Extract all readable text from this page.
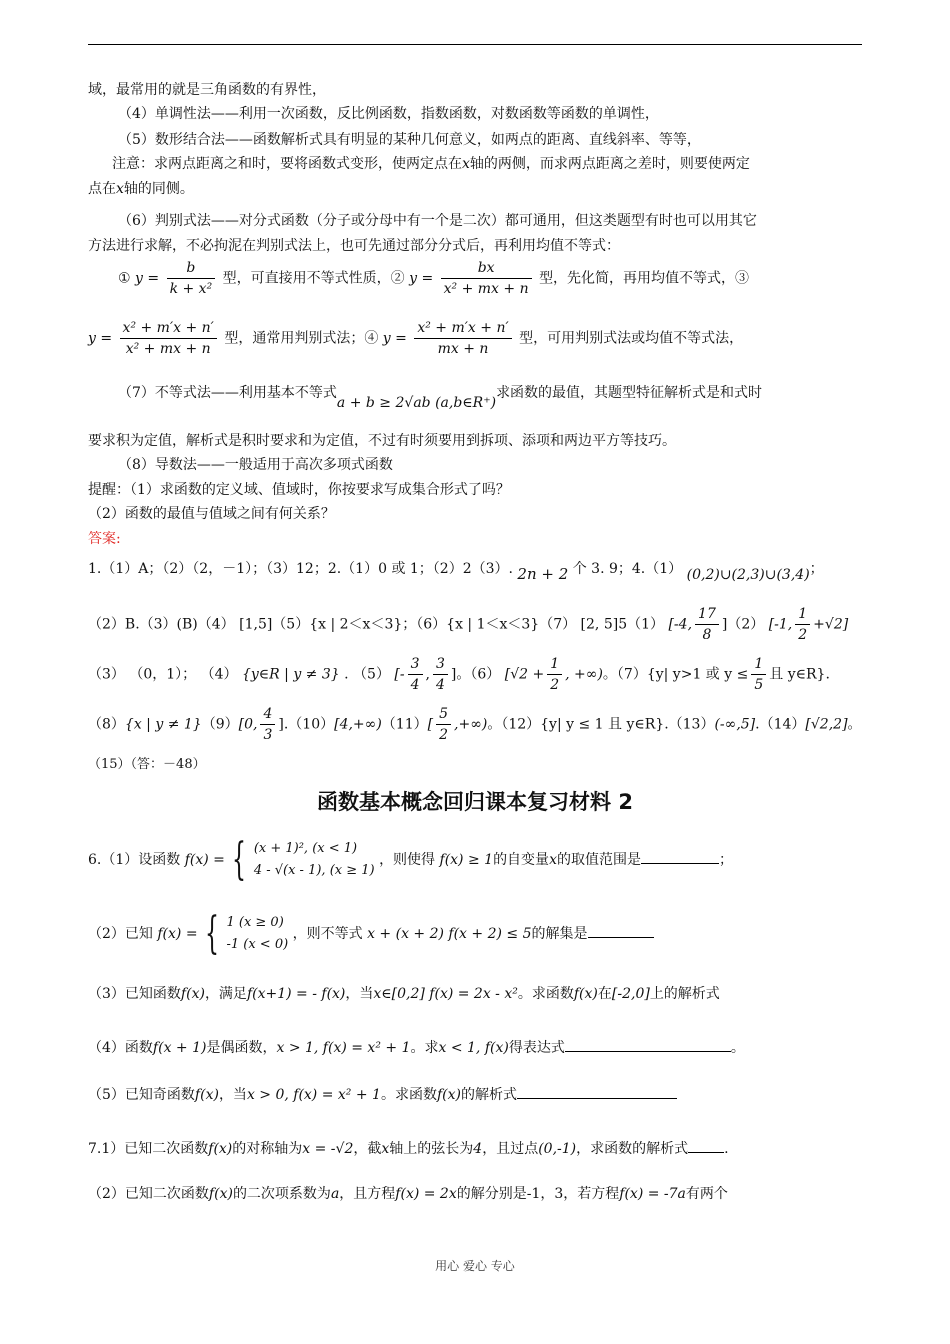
域，最常用的就是三角函数的有界性，
（4）单调性法——利用一次函数，反比例函数，指数函数，对数函数等函数的单调性，
（5）数形结合法——函数解析式具有明显的某种几何意义，如两点的距离、直线斜率、等等，
注意：求两点距离之和时，要将函数式变形，使两定点在x轴的两侧，而求两点距离之差时，则要使两定
点在x轴的同侧。
（6）判别式法——对分式函数（分子或分母中有一个是二次）都可通用，但这类题型有时也可以用其它
方法进行求解，不必拘泥在判别式法上，也可先通过部分分式后，再利用均值不等式：
① $y = \frac{b}{\text{k + x²}}$ 型，可直接用不等式性质，② $y = \frac{bx}{\text{x² + mx + n}}$ 型，先化简，再用均值不等式，③
$y = \frac{\text{x² + m′x + n′}}{\text{x² + mx + n}}$ 型，通常用判别式法；④ $y = \frac{\text{x² + m′x + n′}}{mx + n}$ 型，可用判别式法或均值不等式法，
（7）不等式法——利用基本不等式a + b ≥ 2√ab (a,b∈R⁺)求函数的最值，其题型特征解析式是和式时
要求积为定值，解析式是积时要求和为定值，不过有时须要用到拆项、添项和两边平方等技巧。
（8）导数法——一般适用于高次多项式函数
提醒：（1）求函数的定义域、值域时，你按要求写成集合形式了吗？
（2）函数的最值与值域之间有何关系？
答案:
1.（1）A；（2）（2，－1）；（3）12；2.（1）0 或 1；（2）2（3）. 2n + 2 个 3. 9；4.（1） (0,2)∪(2,3)∪(3,4)；
（2）B.（3）(B)（4） [1,5]（5）{x | 2＜x＜3}；（6）{x | 1＜x＜3}（7） [2, 5]5（1） [-4, $\frac{17}{8} ](2)$ [-1, $\frac{1}{2} +√2$]
（3） （0，1）； （4） {y∈R | y ≠ 3} . （5） [- $\frac{3}{4}$ , $\frac{3}{4}$ ]。（6） [$√2 + \frac{1}{2}$ , +∞)。（7）{y| y>1 或 $y \le \frac{1}{5}$ 且 y∈R}.
（8）{x | y ≠ 1}（9）[0, $\frac{4}{3} ].(10)[4,+\infty)(11)[ \frac{5}{2}$ ,+∞)。（12）{y| y ≤ 1 且 y∈R}.（13）(-∞,5].（14）[√2,2]。
（15）（答：－48）
函数基本概念回归课本复习材料 2
6.（1）设函数 f(x) = { (x + 1)², (x < 1)
4 - √(x - 1), (x ≥ 1)
，则使得 f(x) ≥ 1的自变量x的取值范围是	；
（2）已知 f(x) = { 1 (x ≥ 0)
-1 (x < 0)
，则不等式 x + (x + 2) f(x + 2) ≤ 5的解集是
（3）已知函数f(x)，满足f(x+1) = - f(x)，当x∈[0,2] f(x) = 2x - x²。求函数f(x)在[-2,0]上的解析式
（4）函数f(x + 1)是偶函数，x > 1, f(x) = x² + 1。求x < 1, f(x)得表达式	。
（5）已知奇函数f(x)，当x > 0, f(x) = x² + 1。求函数f(x)的解析式
7.1）已知二次函数f(x)的对称轴为x = -√2，截x轴上的弦长为4，且过点(0,-1)，求函数的解析式	.
（2）已知二次函数f(x)的二次项系数为a，且方程f(x) = 2x的解分别是-1，3，若方程f(x) = -7a有两个
用心 爱心 专心
